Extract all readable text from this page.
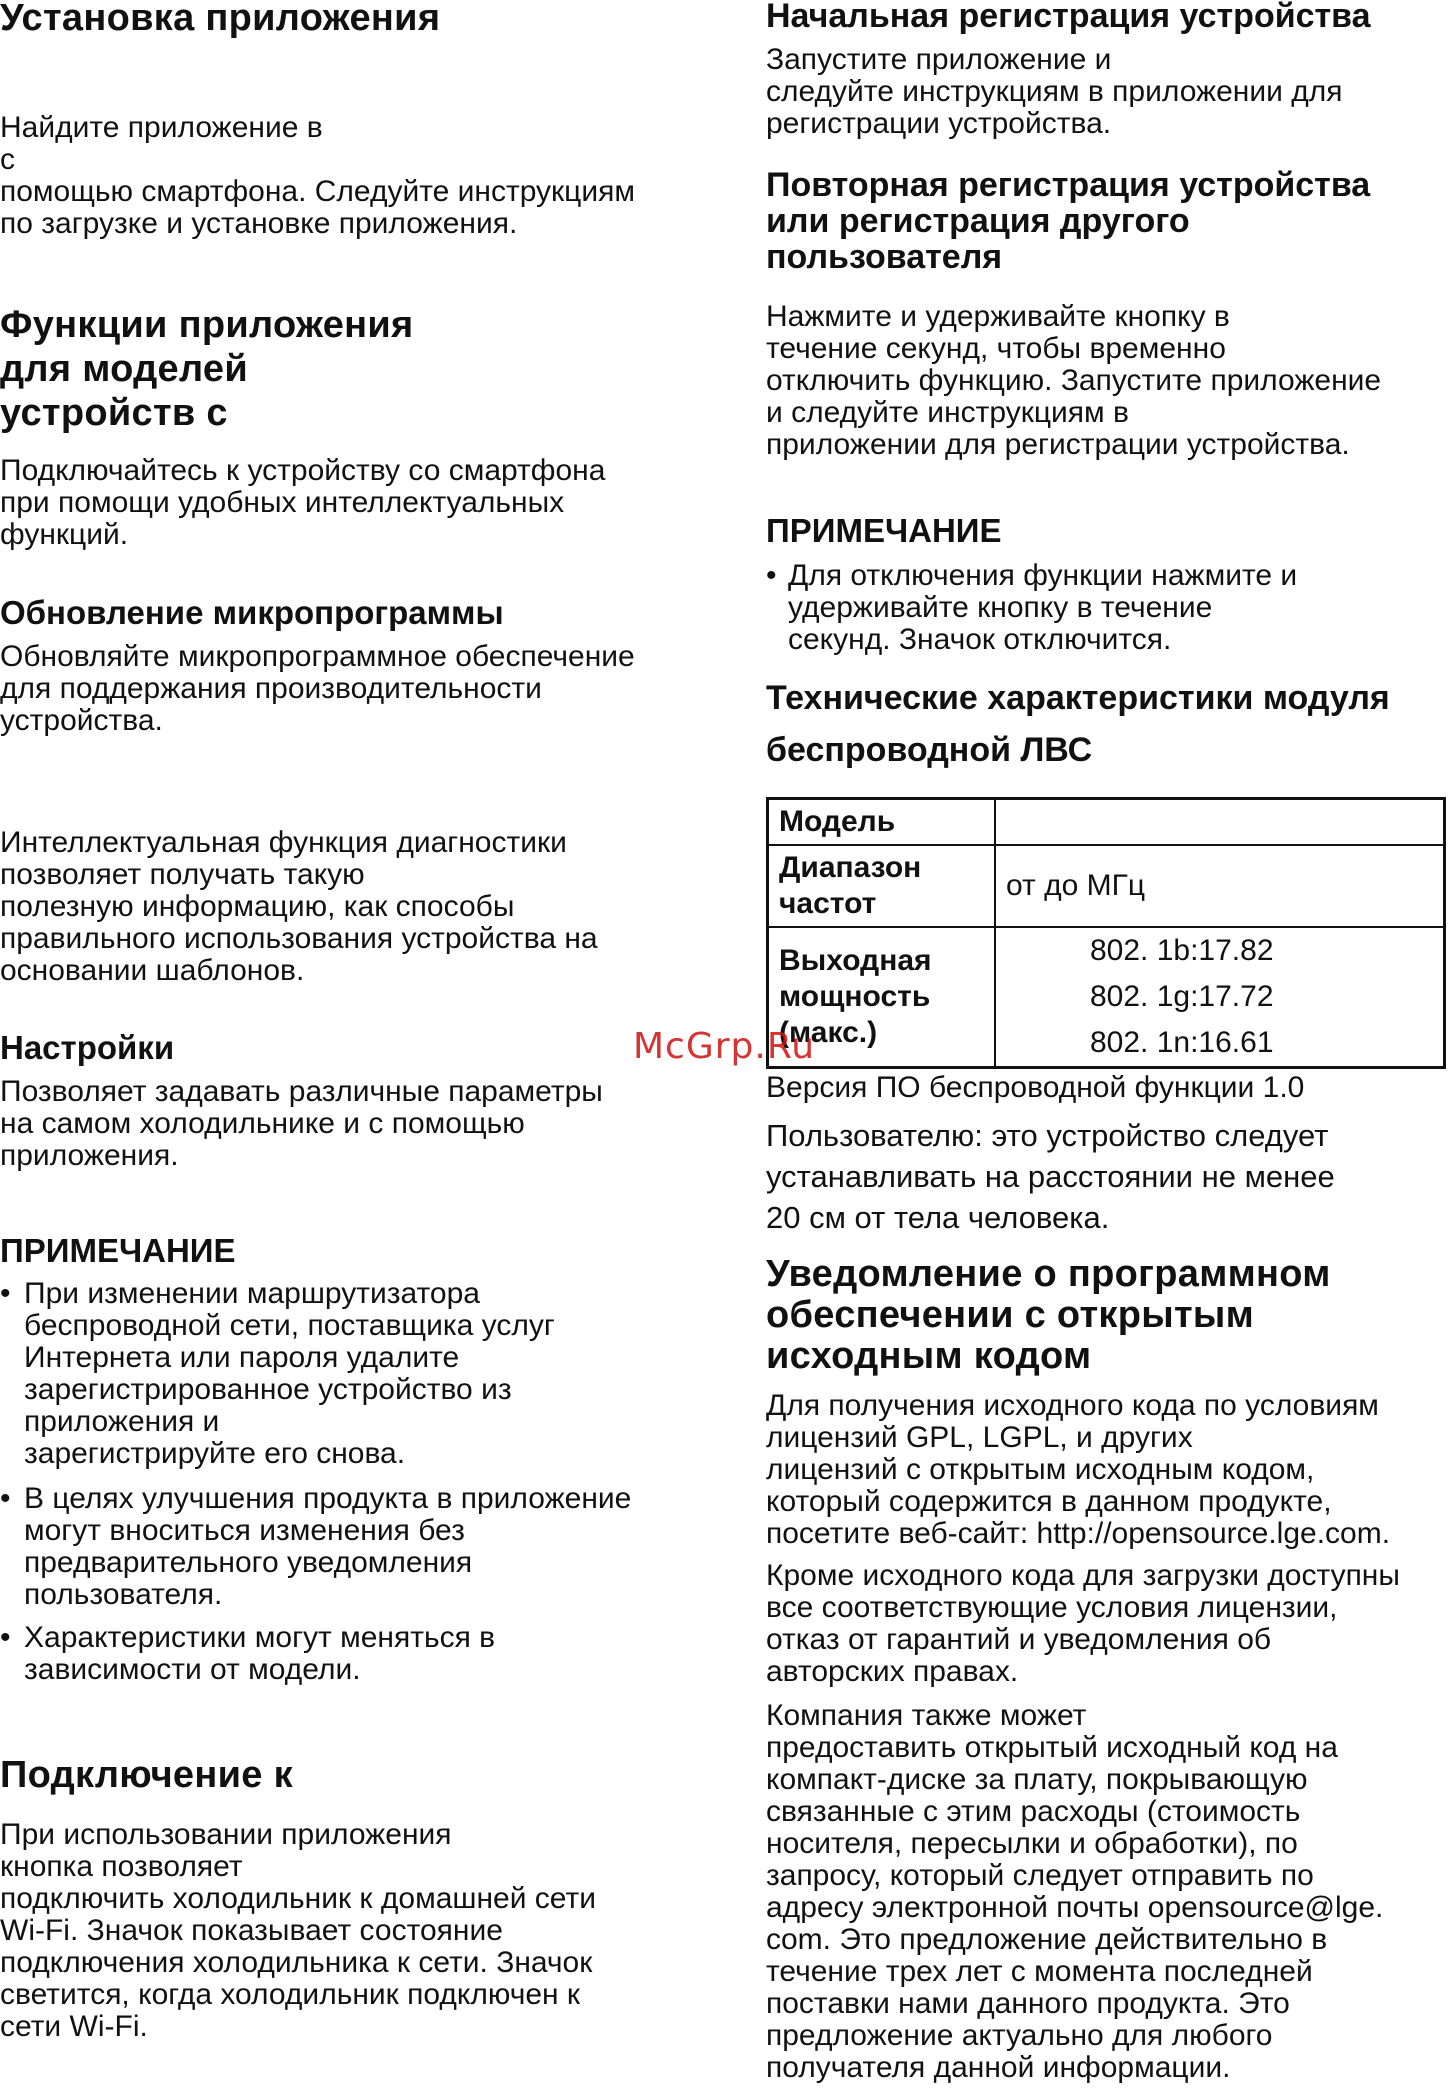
Установка приложения
Найдите приложение в
с
помощью смартфона. Следуйте инструкциям
по загрузке и установке приложения.
Функции приложения
для моделей
устройств с
Подключайтесь к устройству со смартфона
при помощи удобных интеллектуальных
функций.
Обновление микропрограммы
Обновляйте микропрограммное обеспечение
для поддержания производительности
устройства.
Интеллектуальная функция диагностики
позволяет получать такую
полезную информацию, как способы
правильного использования устройства на
основании шаблонов.
Настройки
Позволяет задавать различные параметры
на самом холодильнике и с помощью
приложения.
ПРИМЕЧАНИЕ
• При изменении маршрутизатора
беспроводной сети, поставщика услуг
Интернета или пароля удалите
зарегистрированное устройство из
приложения и
зарегистрируйте его снова.
• В целях улучшения продукта в приложение
могут вноситься изменения без
предварительного уведомления
пользователя.
• Характеристики могут меняться в
зависимости от модели.
Подключение к
При использовании приложения
кнопка позволяет
подключить холодильник к домашней сети
Wi-Fi. Значок показывает состояние
подключения холодильника к сети. Значок
светится, когда холодильник подключен к
сети Wi-Fi.
Начальная регистрация устройства
Запустите приложение и
следуйте инструкциям в приложении для
регистрации устройства.
Повторная регистрация устройства
или регистрация другого
пользователя
Нажмите и удерживайте кнопку в
течение секунд, чтобы временно
отключить функцию. Запустите приложение
и следуйте инструкциям в
приложении для регистрации устройства.
ПРИМЕЧАНИЕ
• Для отключения функции нажмите и
удерживайте кнопку в течение
секунд. Значок отключится.
Технические характеристики модуля
беспроводной ЛВС
Модель	

Диапазон
частот	от до МГц

Выходная
мощность
(макс.)	802. 1b:17.82
802. 1g:17.72
802. 1n:16.61
Версия ПО беспроводной функции 1.0
Пользователю: это устройство следует
устанавливать на расстоянии не менее
20 см от тела человека.
Уведомление о программном
обеспечении с открытым
исходным кодом
Для получения исходного кода по условиям
лицензий GPL, LGPL, и других
лицензий с открытым исходным кодом,
который содержится в данном продукте,
посетите веб-сайт: http://opensource.lge.com.
Кроме исходного кода для загрузки доступны
все соответствующие условия лицензии,
отказ от гарантий и уведомления об
авторских правах.
Компания также может
предоставить открытый исходный код на
компакт-диске за плату, покрывающую
связанные с этим расходы (стоимость
носителя, пересылки и обработки), по
запросу, который следует отправить по
адресу электронной почты opensource@lge.
com. Это предложение действительно в
течение трех лет с момента последней
поставки нами данного продукта. Это
предложение актуально для любого
получателя данной информации.
McGrp.Ru
